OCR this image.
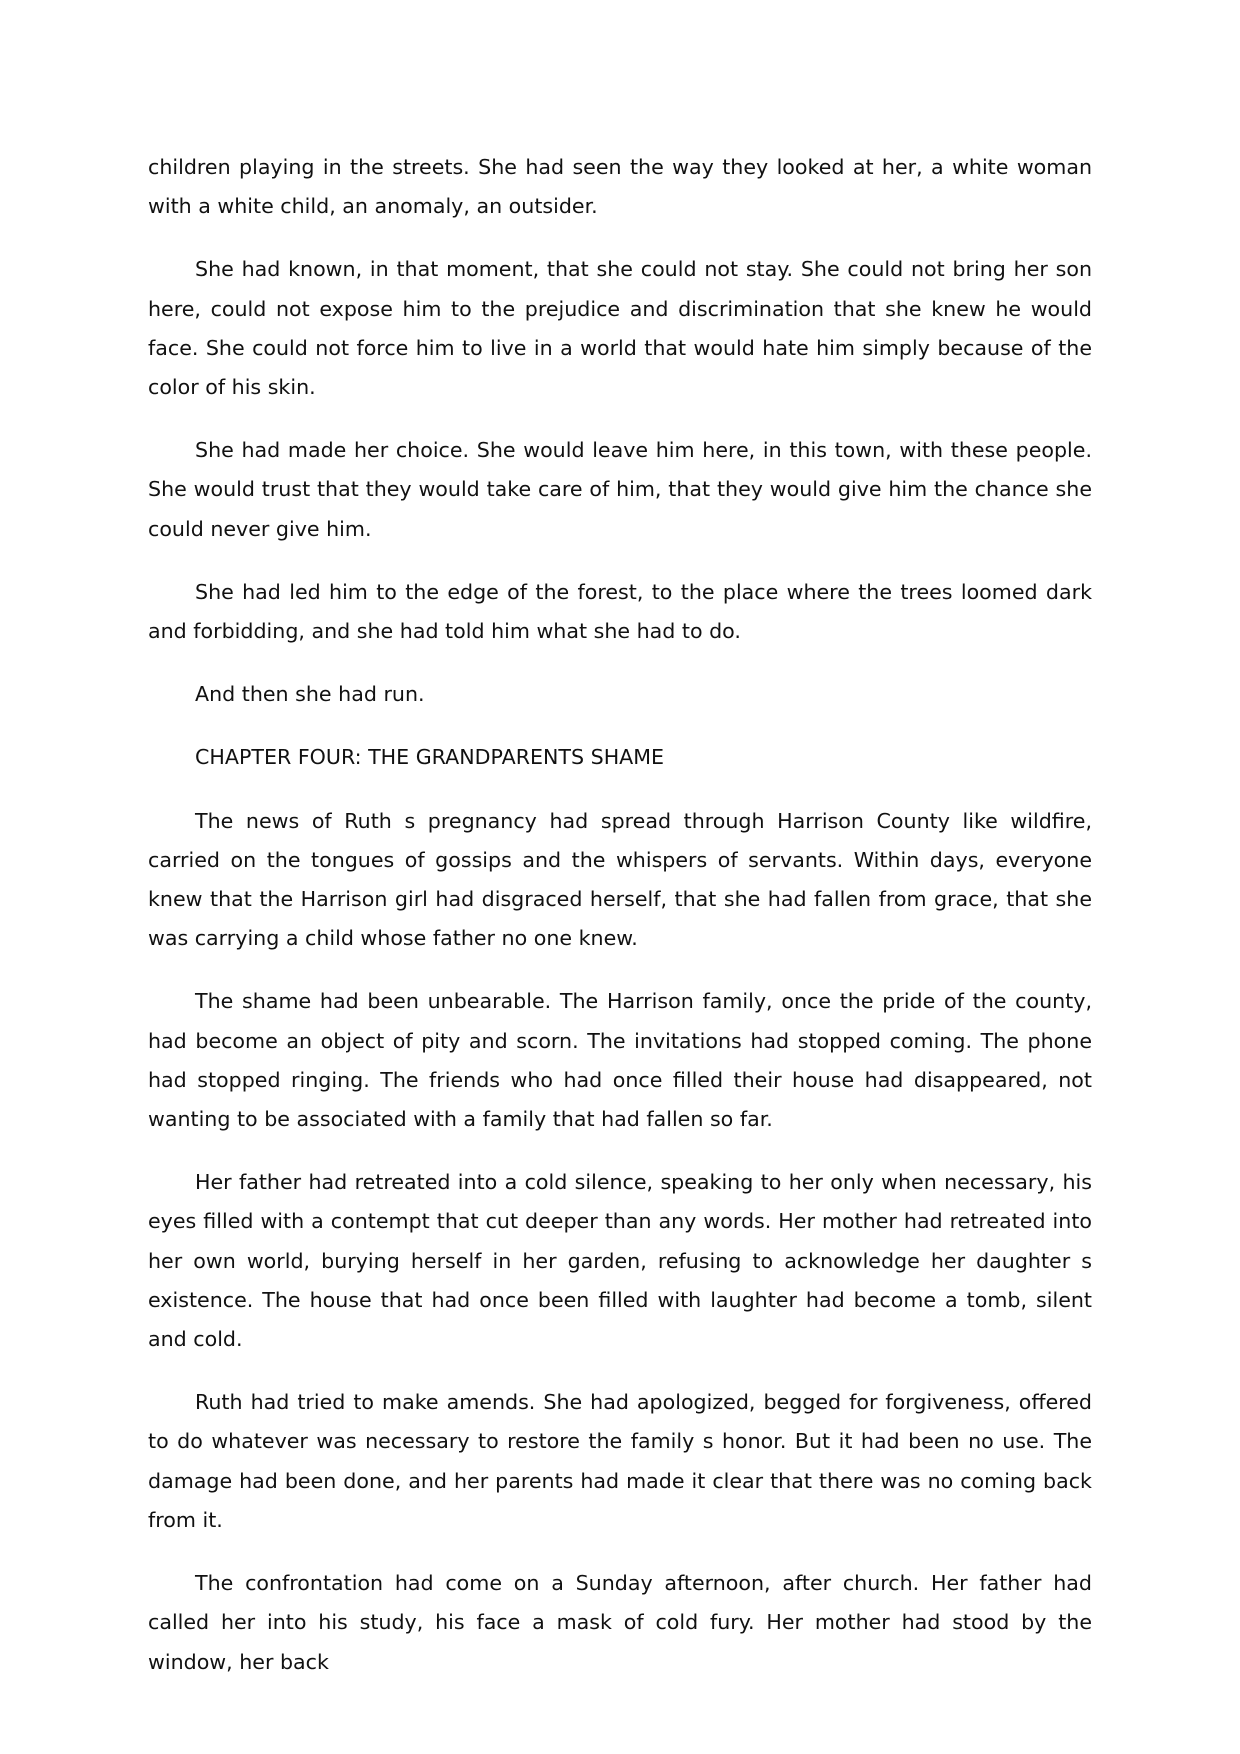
children playing in the streets. She had seen the way they looked at her, a white woman with a white child, an anomaly, an outsider.

She had known, in that moment, that she could not stay. She could not bring her son here, could not expose him to the prejudice and discrimination that she knew he would face. She could not force him to live in a world that would hate him simply because of the color of his skin.

She had made her choice. She would leave him here, in this town, with these people. She would trust that they would take care of him, that they would give him the chance she could never give him.

She had led him to the edge of the forest, to the place where the trees loomed dark and forbidding, and she had told him what she had to do.

And then she had run.

CHAPTER FOUR: THE GRANDPARENTS SHAME

The news of Ruth s pregnancy had spread through Harrison County like wildfire, carried on the tongues of gossips and the whispers of servants. Within days, everyone knew that the Harrison girl had disgraced herself, that she had fallen from grace, that she was carrying a child whose father no one knew.

The shame had been unbearable. The Harrison family, once the pride of the county, had become an object of pity and scorn. The invitations had stopped coming. The phone had stopped ringing. The friends who had once filled their house had disappeared, not wanting to be associated with a family that had fallen so far.

Her father had retreated into a cold silence, speaking to her only when necessary, his eyes filled with a contempt that cut deeper than any words. Her mother had retreated into her own world, burying herself in her garden, refusing to acknowledge her daughter s existence. The house that had once been filled with laughter had become a tomb, silent and cold.

Ruth had tried to make amends. She had apologized, begged for forgiveness, offered to do whatever was necessary to restore the family s honor. But it had been no use. The damage had been done, and her parents had made it clear that there was no coming back from it.

The confrontation had come on a Sunday afternoon, after church. Her father had called her into his study, his face a mask of cold fury. Her mother had stood by the window, her back
